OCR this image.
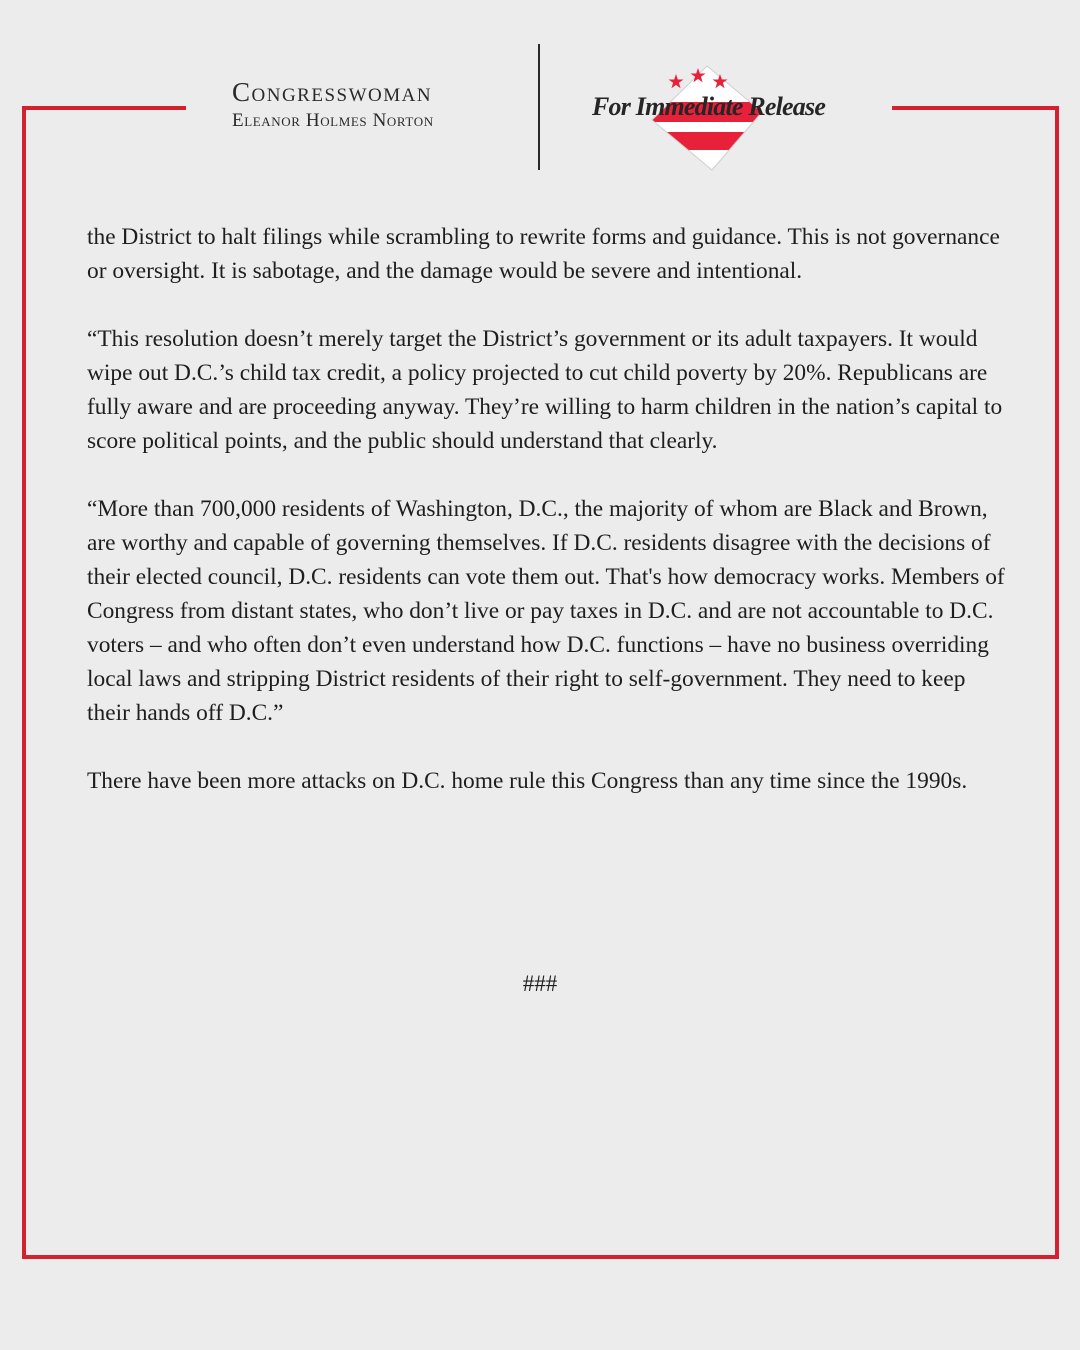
Congresswoman
Eleanor Holmes Norton	For Immediate Release

the District to halt filings while scrambling to rewrite forms and guidance. This is not governance or oversight. It is sabotage, and the damage would be severe and intentional.

“This resolution doesn’t merely target the District’s government or its adult taxpayers. It would wipe out D.C.’s child tax credit, a policy projected to cut child poverty by 20%. Republicans are fully aware and are proceeding anyway. They’re willing to harm children in the nation’s capital to score political points, and the public should understand that clearly.

“More than 700,000 residents of Washington, D.C., the majority of whom are Black and Brown, are worthy and capable of governing themselves. If D.C. residents disagree with the decisions of their elected council, D.C. residents can vote them out. That's how democracy works. Members of Congress from distant states, who don’t live or pay taxes in D.C. and are not accountable to D.C. voters – and who often don’t even understand how D.C. functions – have no business overriding local laws and stripping District residents of their right to self-government. They need to keep their hands off D.C.”

There have been more attacks on D.C. home rule this Congress than any time since the 1990s.

###
